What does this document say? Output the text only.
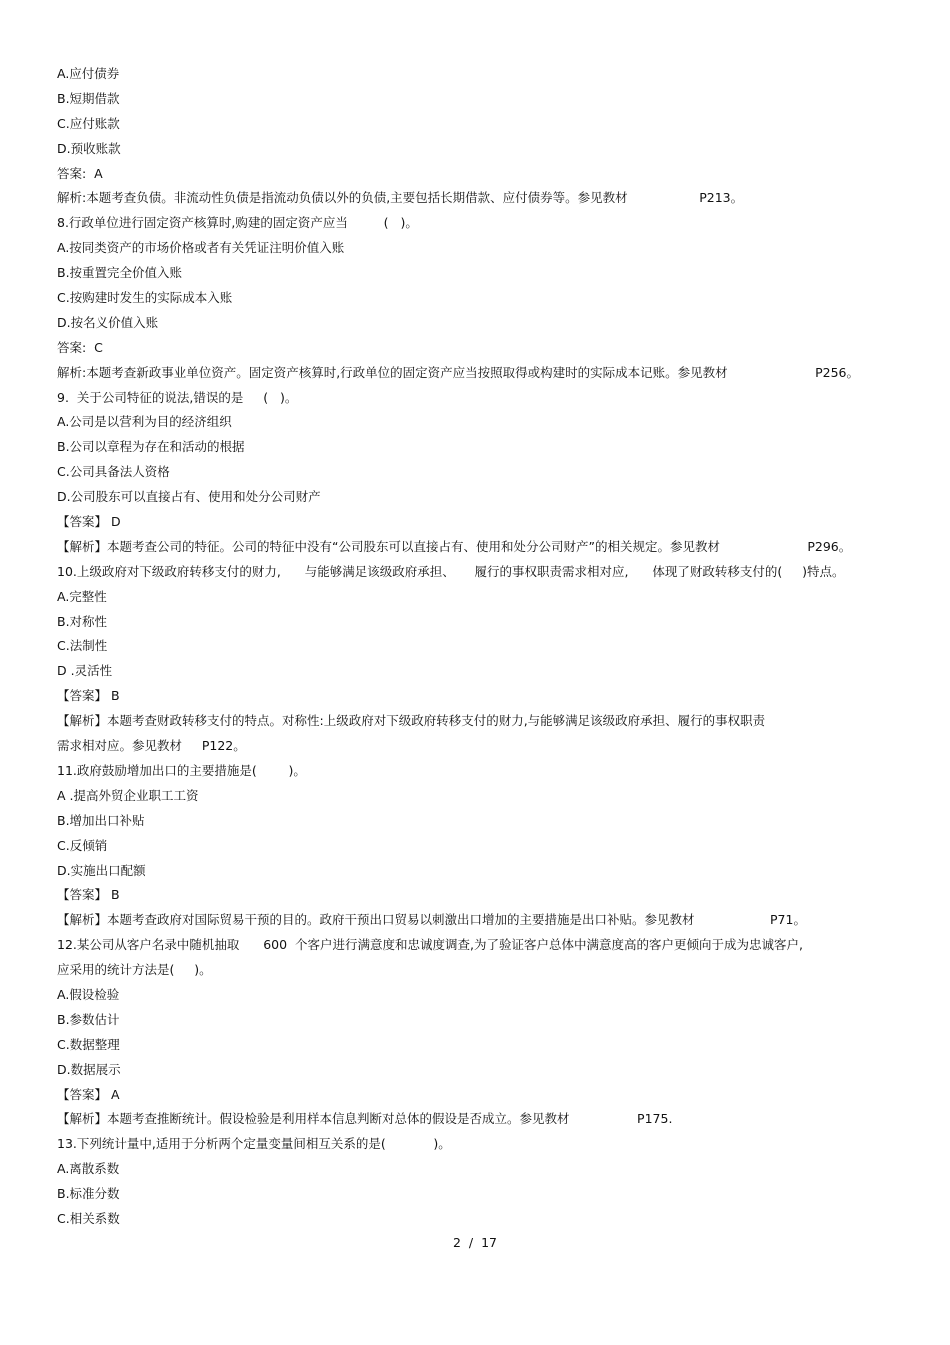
A.应付债券
B.短期借款
C.应付账款
D.预收账款
答案:  A
解析:本题考查负债。非流动性负债是指流动负债以外的负债,主要包括长期借款、应付债券等。参见教材                  P213。
8.行政单位进行固定资产核算时,购建的固定资产应当         (   )。
A.按同类资产的市场价格或者有关凭证注明价值入账
B.按重置完全价值入账
C.按购建时发生的实际成本入账
D.按名义价值入账
答案:  C
解析:本题考查新政事业单位资产。固定资产核算时,行政单位的固定资产应当按照取得或构建时的实际成本记账。参见教材                      P256。
9.  关于公司特征的说法,错误的是     (   )。
A.公司是以营利为目的经济组织
B.公司以章程为存在和活动的根据
C.公司具备法人资格
D.公司股东可以直接占有、使用和处分公司财产
【答案】 D
【解析】本题考查公司的特征。公司的特征中没有“公司股东可以直接占有、使用和处分公司财产”的相关规定。参见教材                      P296。
10.上级政府对下级政府转移支付的财力,      与能够满足该级政府承担、     履行的事权职责需求相对应,      体现了财政转移支付的(     )特点。
A.完整性
B.对称性
C.法制性
D .灵活性
【答案】 B
【解析】本题考查财政转移支付的特点。对称性:上级政府对下级政府转移支付的财力,与能够满足该级政府承担、履行的事权职责
需求相对应。参见教材     P122。
11.政府鼓励增加出口的主要措施是(        )。
A .提高外贸企业职工工资
B.增加出口补贴
C.反倾销
D.实施出口配额
【答案】 B
【解析】本题考查政府对国际贸易干预的目的。政府干预出口贸易以刺激出口增加的主要措施是出口补贴。参见教材                   P71。
12.某公司从客户名录中随机抽取      600  个客户进行满意度和忠诚度调查,为了验证客户总体中满意度高的客户更倾向于成为忠诚客户,
应采用的统计方法是(     )。
A.假设检验
B.参数估计
C.数据整理
D.数据展示
【答案】 A
【解析】本题考查推断统计。假设检验是利用样本信息判断对总体的假设是否成立。参见教材                 P175.
13.下列统计量中,适用于分析两个定量变量间相互关系的是(            )。
A.离散系数
B.标准分数
C.相关系数
2  /  17
